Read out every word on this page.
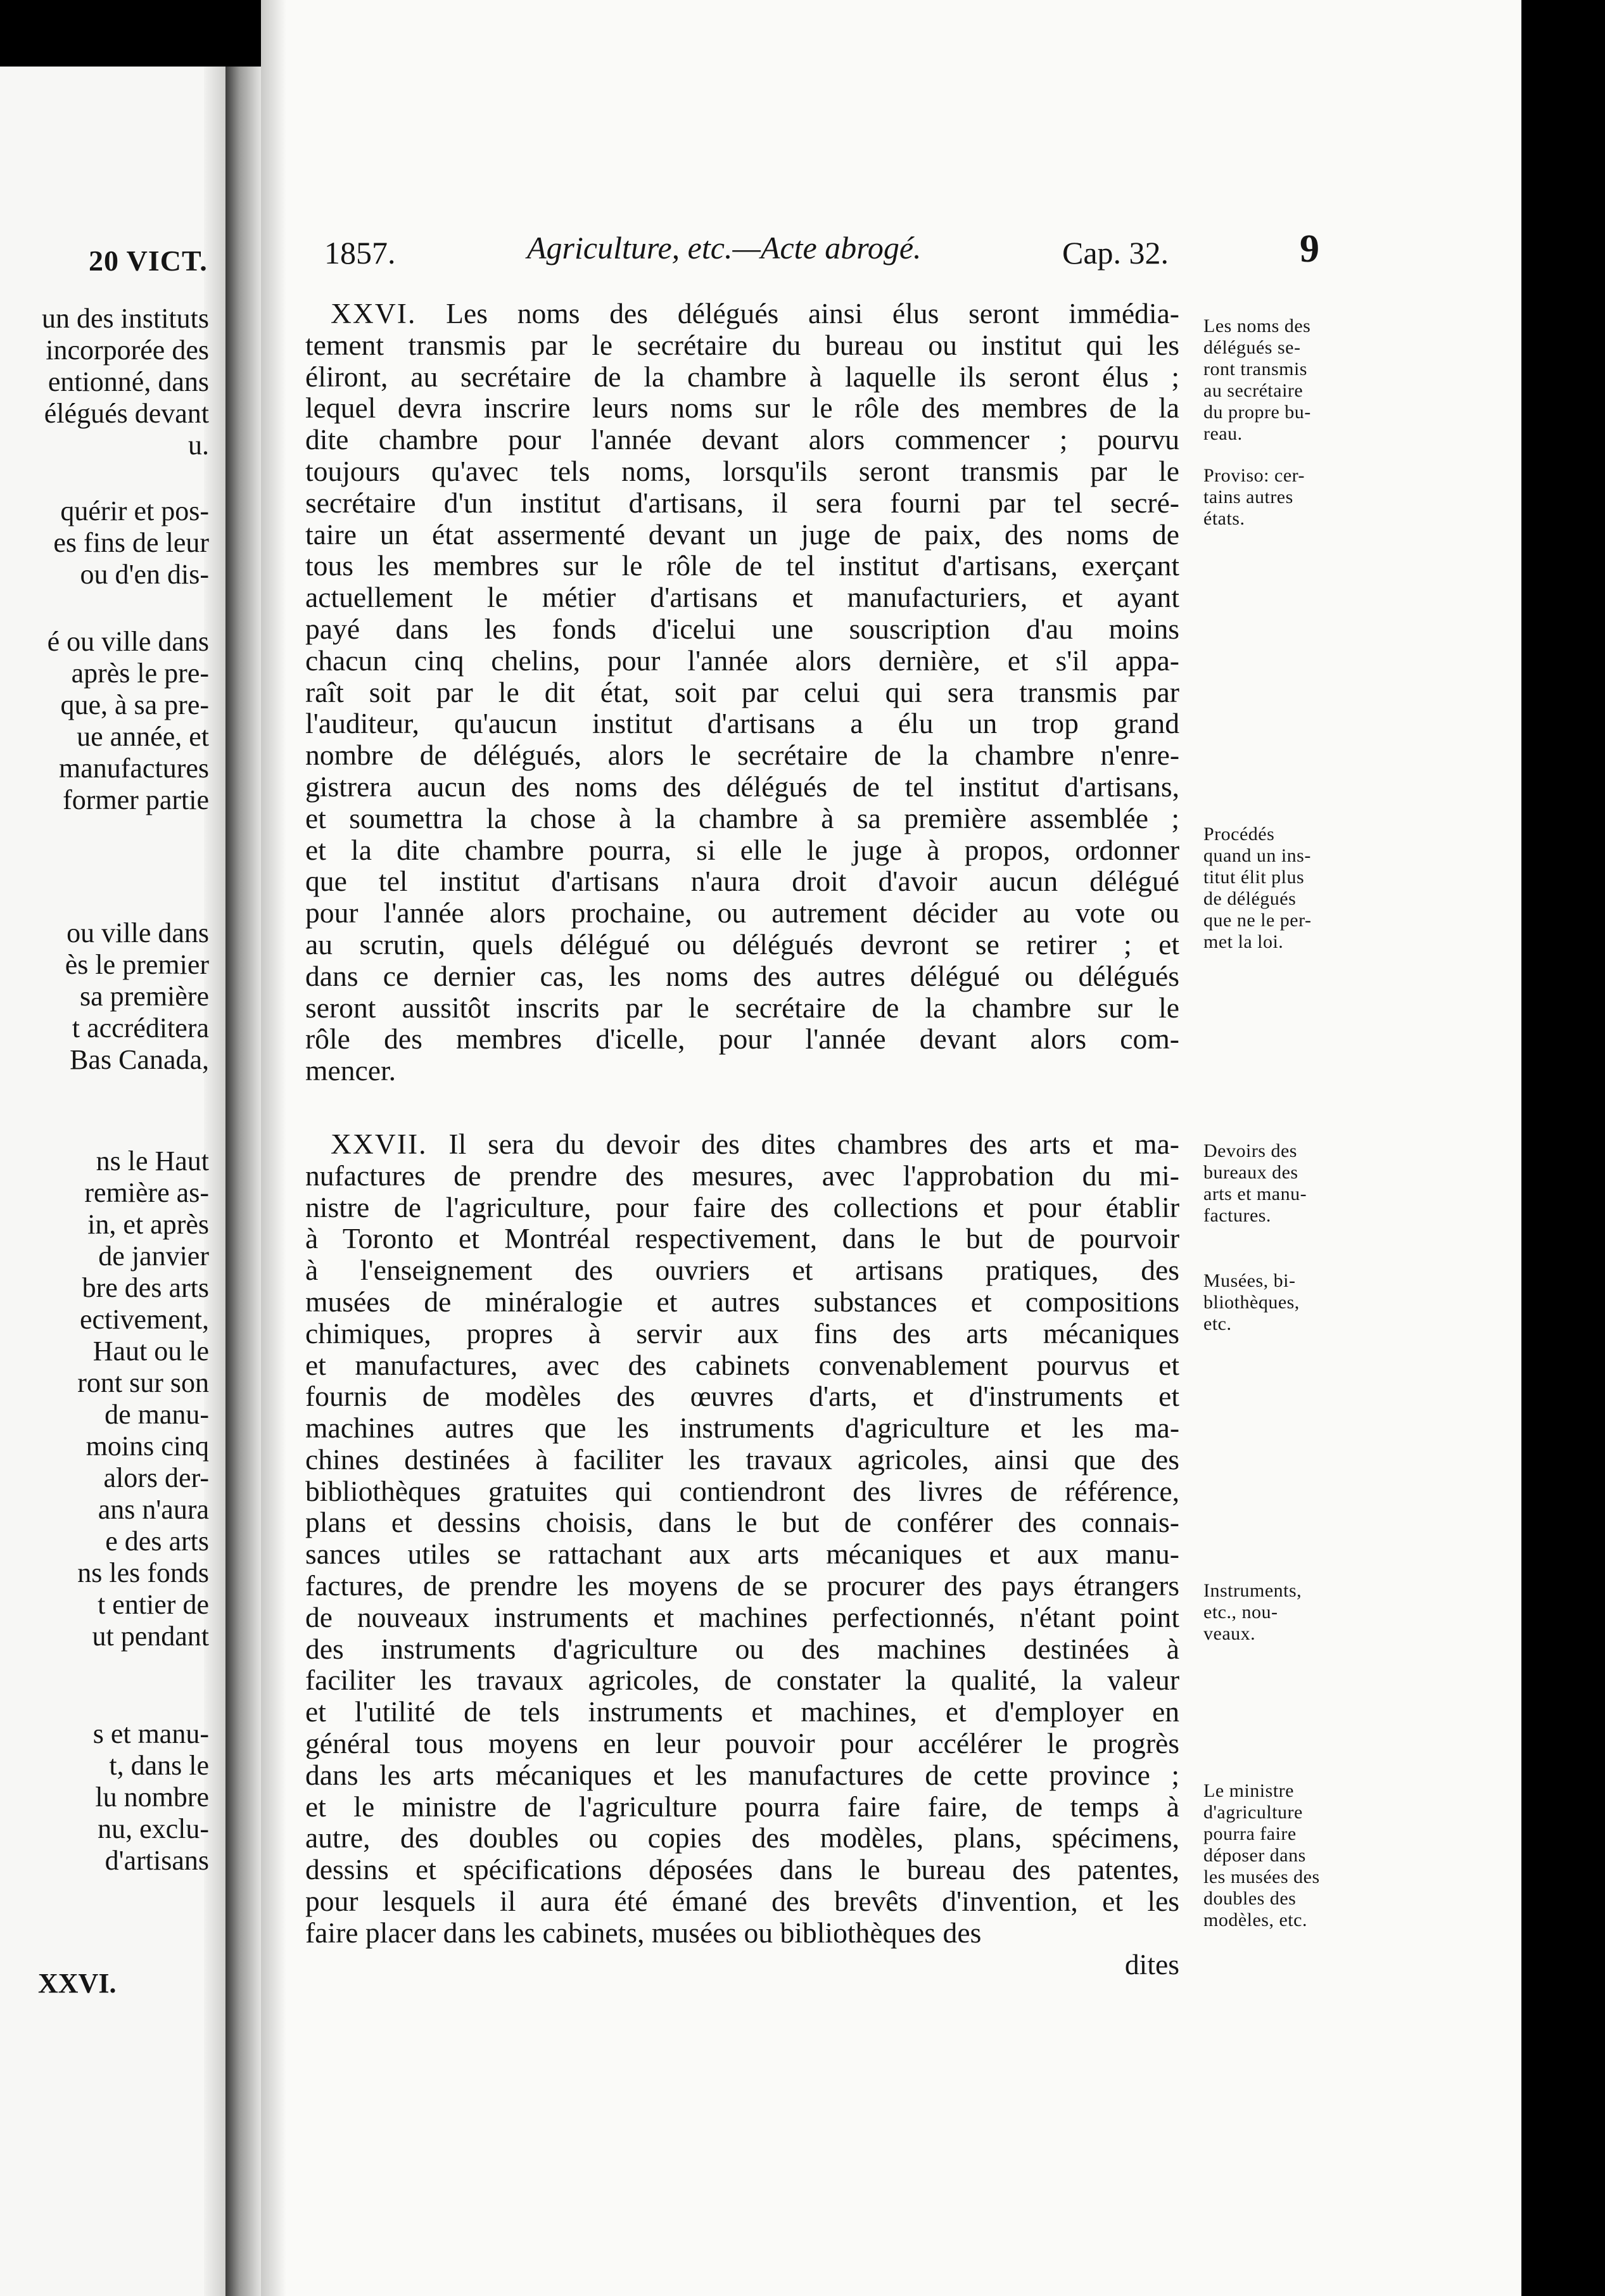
20 VICT.
un des instituts
incorporée des
entionné, dans
élégués devant
u.
quérir et pos-
es fins de leur
ou d'en dis-
é ou ville dans
après le pre-
que, à sa pre-
ue année, et
manufactures
former partie
ou ville dans
ès le premier
sa première
t accréditera
Bas Canada,
ns le Haut
remière as-
in, et après
de janvier
bre des arts
ectivement,
Haut ou le
ront sur son
de manu-
moins cinq
alors der-
ans n'aura
e des arts
ns les fonds
t entier de
ut pendant
s et manu-
t, dans le
lu nombre
nu, exclu-
d'artisans
XXVI.
1857.	Agriculture, etc.—Acte abrogé.	Cap. 32.	9
XXVI. Les noms des délégués ainsi élus seront immédia-
tement transmis par le secrétaire du bureau ou institut qui les
éliront, au secrétaire de la chambre à laquelle ils seront élus ;
lequel devra inscrire leurs noms sur le rôle des membres de la
dite chambre pour l'année devant alors commencer ; pourvu
toujours qu'avec tels noms, lorsqu'ils seront transmis par le
secrétaire d'un institut d'artisans, il sera fourni par tel secré-
taire un état assermenté devant un juge de paix, des noms de
tous les membres sur le rôle de tel institut d'artisans, exerçant
actuellement le métier d'artisans et manufacturiers, et ayant
payé dans les fonds d'icelui une souscription d'au moins
chacun cinq chelins, pour l'année alors dernière, et s'il appa-
raît soit par le dit état, soit par celui qui sera transmis par
l'auditeur, qu'aucun institut d'artisans a élu un trop grand
nombre de délégués, alors le secrétaire de la chambre n'enre-
gistrera aucun des noms des délégués de tel institut d'artisans,
et soumettra la chose à la chambre à sa première assemblée ;
et la dite chambre pourra, si elle le juge à propos, ordonner
que tel institut d'artisans n'aura droit d'avoir aucun délégué
pour l'année alors prochaine, ou autrement décider au vote ou
au scrutin, quels délégué ou délégués devront se retirer ; et
dans ce dernier cas, les noms des autres délégué ou délégués
seront aussitôt inscrits par le secrétaire de la chambre sur le
rôle des membres d'icelle, pour l'année devant alors com-
mencer.
XXVII. Il sera du devoir des dites chambres des arts et ma-
nufactures de prendre des mesures, avec l'approbation du mi-
nistre de l'agriculture, pour faire des collections et pour établir
à Toronto et Montréal respectivement, dans le but de pourvoir
à l'enseignement des ouvriers et artisans pratiques, des
musées de minéralogie et autres substances et compositions
chimiques, propres à servir aux fins des arts mécaniques
et manufactures, avec des cabinets convenablement pourvus et
fournis de modèles des œuvres d'arts, et d'instruments et
machines autres que les instruments d'agriculture et les ma-
chines destinées à faciliter les travaux agricoles, ainsi que des
bibliothèques gratuites qui contiendront des livres de référence,
plans et dessins choisis, dans le but de conférer des connais-
sances utiles se rattachant aux arts mécaniques et aux manu-
factures, de prendre les moyens de se procurer des pays étrangers
de nouveaux instruments et machines perfectionnés, n'étant point
des instruments d'agriculture ou des machines destinées à
faciliter les travaux agricoles, de constater la qualité, la valeur
et l'utilité de tels instruments et machines, et d'employer en
général tous moyens en leur pouvoir pour accélérer le progrès
dans les arts mécaniques et les manufactures de cette province ;
et le ministre de l'agriculture pourra faire faire, de temps à
autre, des doubles ou copies des modèles, plans, spécimens,
dessins et spécifications déposées dans le bureau des patentes,
pour lesquels il aura été émané des brevêts d'invention, et les
faire placer dans les cabinets, musées ou bibliothèques des
dites
Les noms des
délégués se-
ront transmis
au secrétaire
du propre bu-
reau.
Proviso: cer-
tains autres
états.
Procédés
quand un ins-
titut élit plus
de délégués
que ne le per-
met la loi.
Devoirs des
bureaux des
arts et manu-
factures.
Musées, bi-
bliothèques,
etc.
Instruments,
etc., nou-
veaux.
Le ministre
d'agriculture
pourra faire
déposer dans
les musées des
doubles des
modèles, etc.
